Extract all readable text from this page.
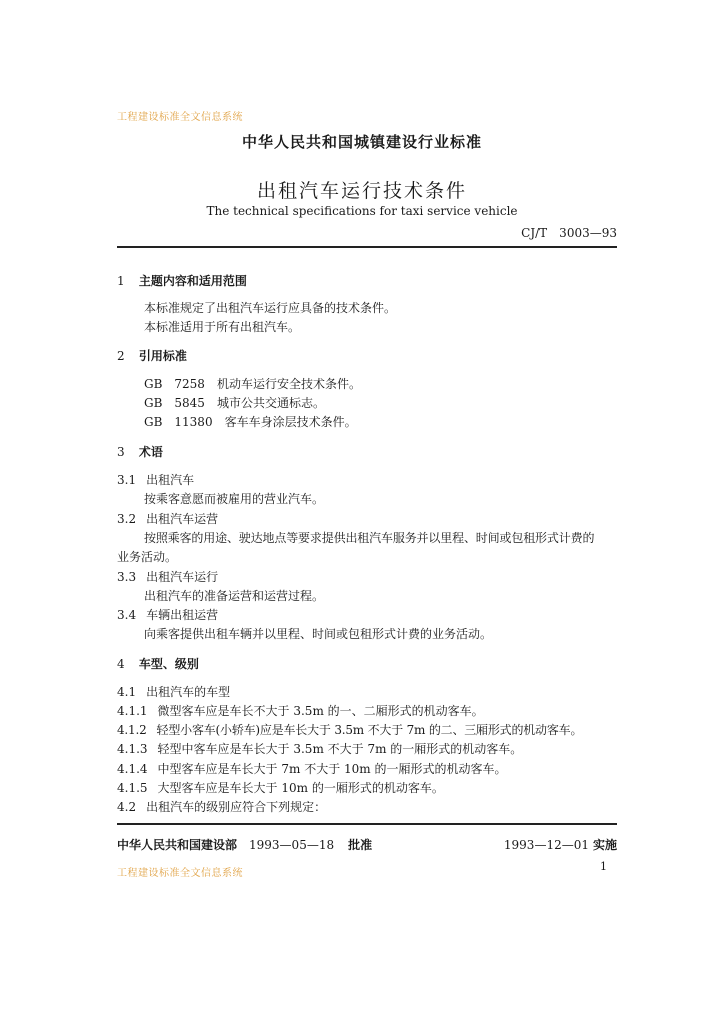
工程建设标准全文信息系统
中华人民共和国城镇建设行业标准
出租汽车运行技术条件
The technical specifications for taxi service vehicle
CJ/T　3003—93
1 主题内容和适用范围
本标准规定了出租汽车运行应具备的技术条件。
本标准适用于所有出租汽车。
2 引用标准
GB　7258　机动车运行安全技术条件。
GB　5845　城市公共交通标志。
GB　11380　客车车身涂层技术条件。
3 术语
3.1 出租汽车
按乘客意愿而被雇用的营业汽车。
3.2 出租汽车运营
按照乘客的用途、驶达地点等要求提供出租汽车服务并以里程、时间或包租形式计费的
业务活动。
3.3 出租汽车运行
出租汽车的准备运营和运营过程。
3.4 车辆出租运营
向乘客提供出租车辆并以里程、时间或包租形式计费的业务活动。
4 车型、级别
4.1 出租汽车的车型
4.1.1 微型客车应是车长不大于 3.5m 的一、二厢形式的机动客车。
4.1.2 轻型小客车(小轿车)应是车长大于 3.5m 不大于 7m 的二、三厢形式的机动客车。
4.1.3 轻型中客车应是车长大于 3.5m 不大于 7m 的一厢形式的机动客车。
4.1.4 中型客车应是车长大于 7m 不大于 10m 的一厢形式的机动客车。
4.1.5 大型客车应是车长大于 10m 的一厢形式的机动客车。
4.2 出租汽车的级别应符合下列规定：
中华人民共和国建设部 1993—05—18 批准	1993—12—01 实施
1
工程建设标准全文信息系统
